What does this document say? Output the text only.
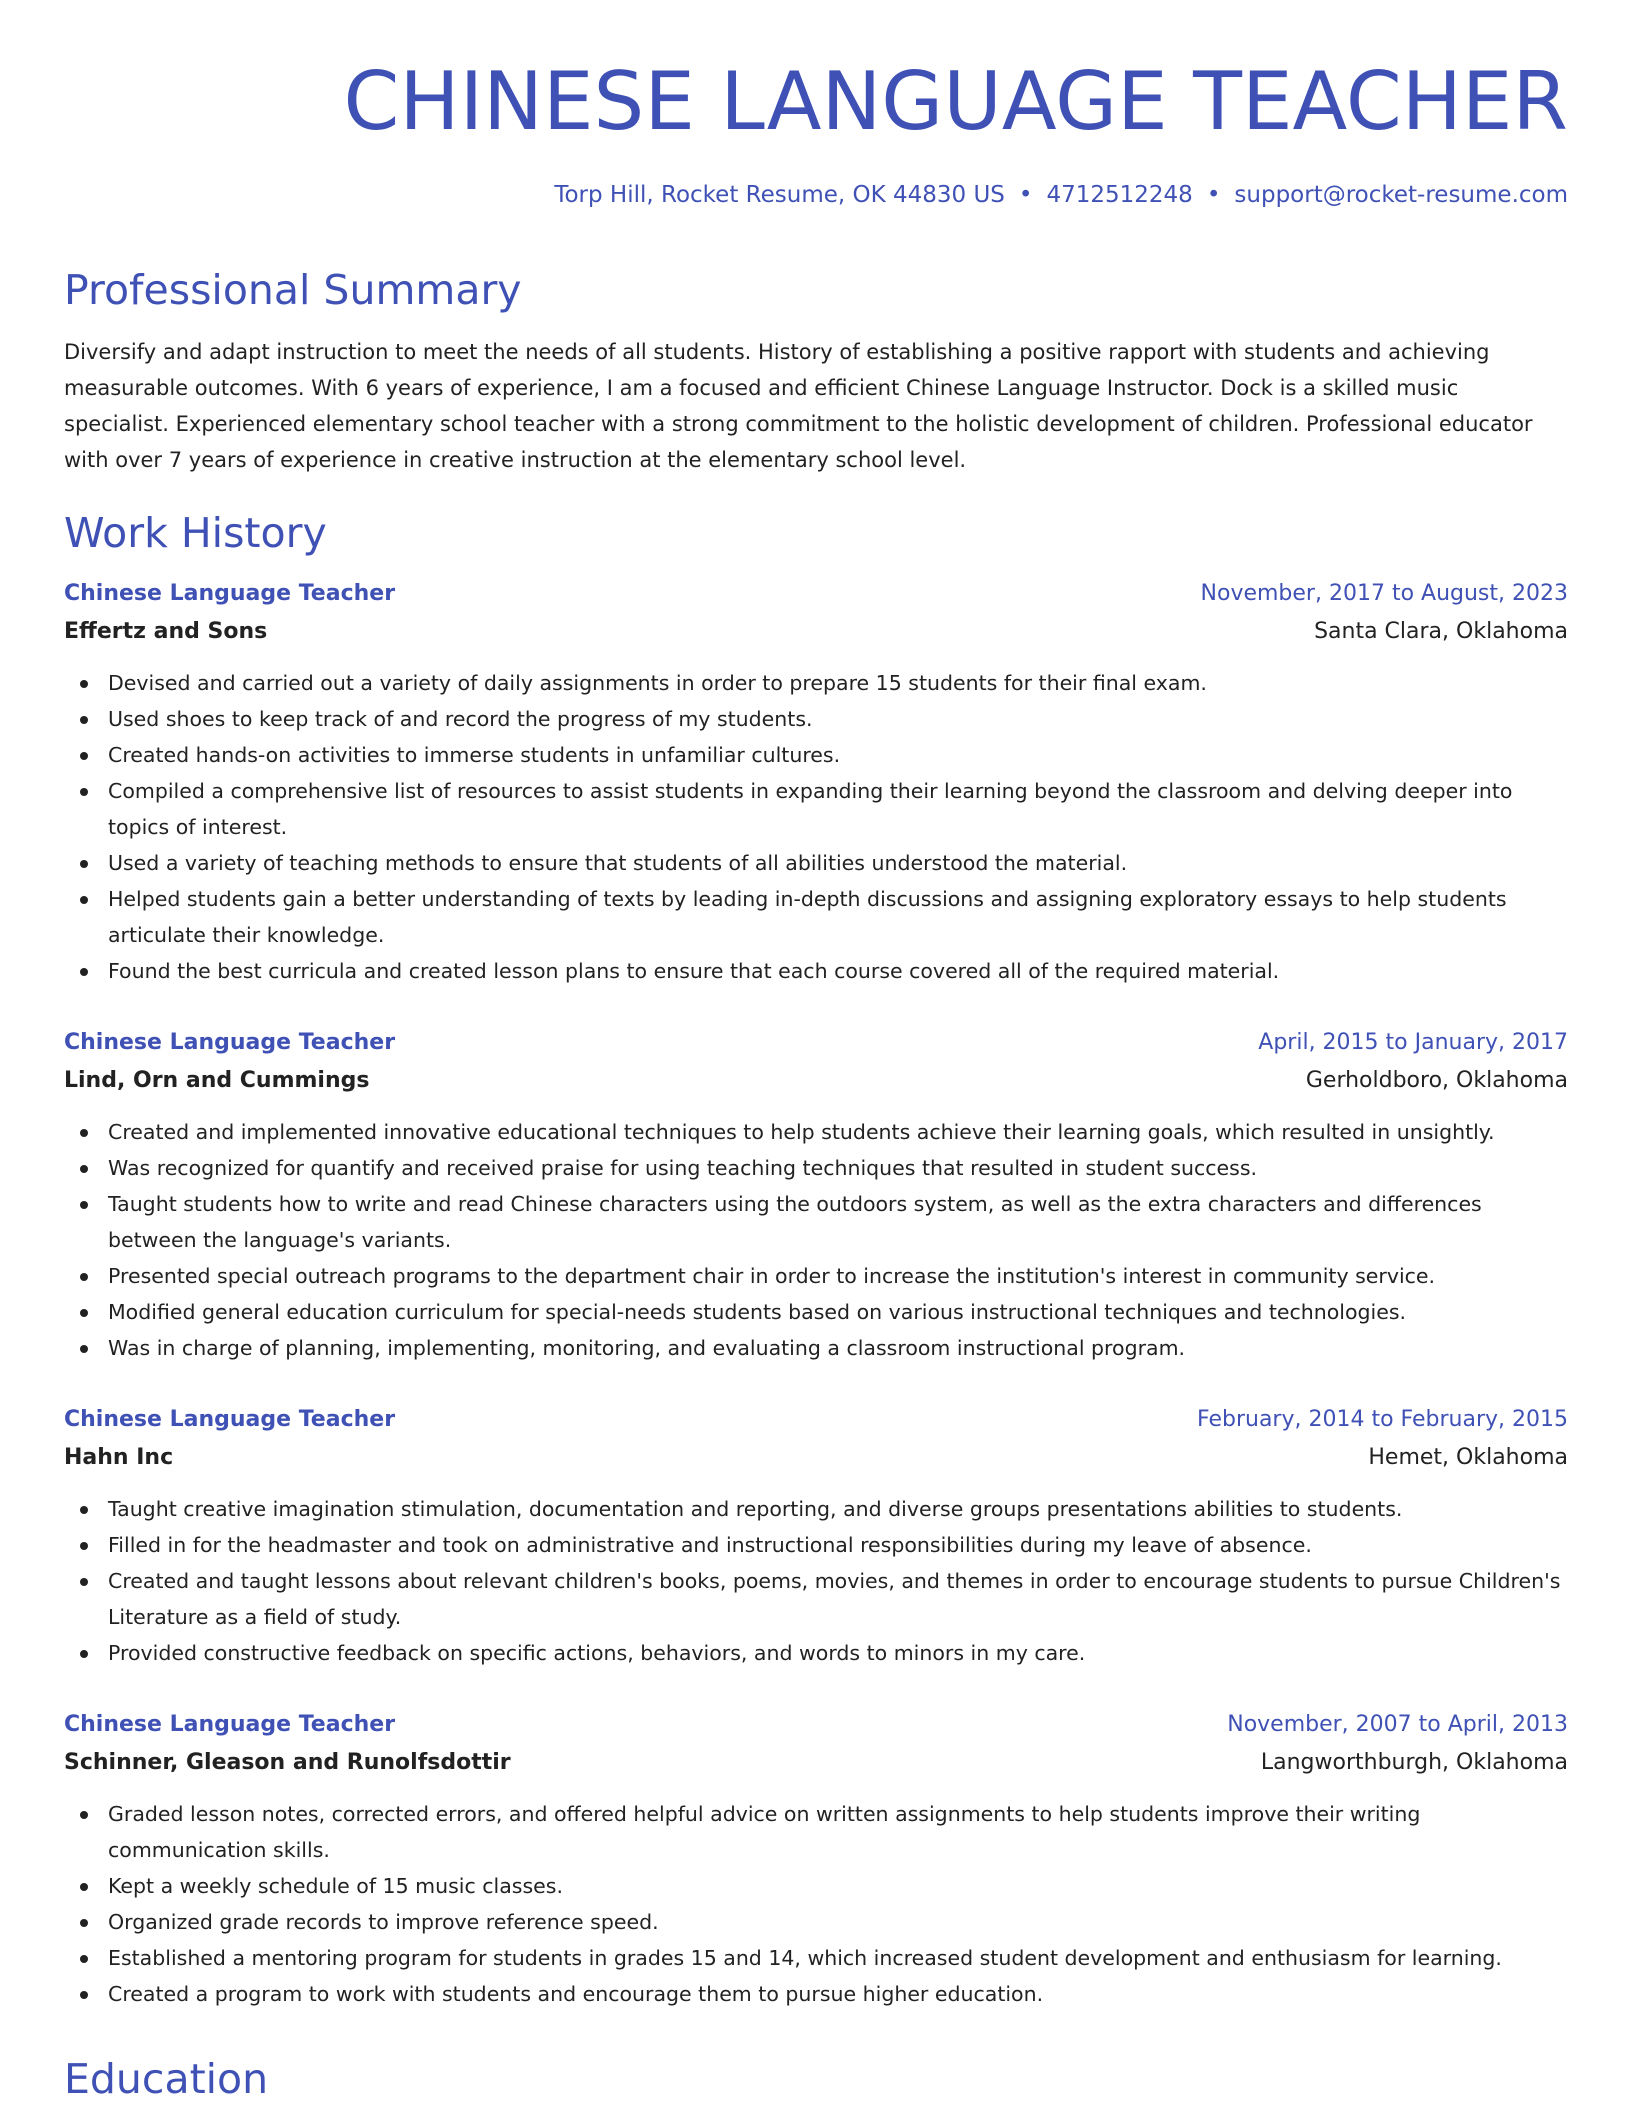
CHINESE LANGUAGE TEACHER
Torp Hill, Rocket Resume, OK 44830 US • 4712512248 • support@rocket-resume.com
Professional Summary

Diversify and adapt instruction to meet the needs of all students. History of establishing a positive rapport with students and achieving measurable outcomes. With 6 years of experience, I am a focused and efficient Chinese Language Instructor. Dock is a skilled music specialist. Experienced elementary school teacher with a strong commitment to the holistic development of children. Professional educator with over 7 years of experience in creative instruction at the elementary school level.

Work History
Chinese Language Teacher	November, 2017 to August, 2023
Effertz and Sons	Santa Clara, Oklahoma
Devised and carried out a variety of daily assignments in order to prepare 15 students for their final exam.
Used shoes to keep track of and record the progress of my students.
Created hands-on activities to immerse students in unfamiliar cultures.
Compiled a comprehensive list of resources to assist students in expanding their learning beyond the classroom and delving deeper into topics of interest.
Used a variety of teaching methods to ensure that students of all abilities understood the material.
Helped students gain a better understanding of texts by leading in-depth discussions and assigning exploratory essays to help students articulate their knowledge.
Found the best curricula and created lesson plans to ensure that each course covered all of the required material.
Chinese Language Teacher	April, 2015 to January, 2017
Lind, Orn and Cummings	Gerholdboro, Oklahoma
Created and implemented innovative educational techniques to help students achieve their learning goals, which resulted in unsightly.
Was recognized for quantify and received praise for using teaching techniques that resulted in student success.
Taught students how to write and read Chinese characters using the outdoors system, as well as the extra characters and differences between the language's variants.
Presented special outreach programs to the department chair in order to increase the institution's interest in community service.
Modified general education curriculum for special-needs students based on various instructional techniques and technologies.
Was in charge of planning, implementing, monitoring, and evaluating a classroom instructional program.
Chinese Language Teacher	February, 2014 to February, 2015
Hahn Inc	Hemet, Oklahoma
Taught creative imagination stimulation, documentation and reporting, and diverse groups presentations abilities to students.
Filled in for the headmaster and took on administrative and instructional responsibilities during my leave of absence.
Created and taught lessons about relevant children's books, poems, movies, and themes in order to encourage students to pursue Children's Literature as a field of study.
Provided constructive feedback on specific actions, behaviors, and words to minors in my care.
Chinese Language Teacher	November, 2007 to April, 2013
Schinner, Gleason and Runolfsdottir	Langworthburgh, Oklahoma
Graded lesson notes, corrected errors, and offered helpful advice on written assignments to help students improve their writing communication skills.
Kept a weekly schedule of 15 music classes.
Organized grade records to improve reference speed.
Established a mentoring program for students in grades 15 and 14, which increased student development and enthusiasm for learning.
Created a program to work with students and encourage them to pursue higher education.
Education
